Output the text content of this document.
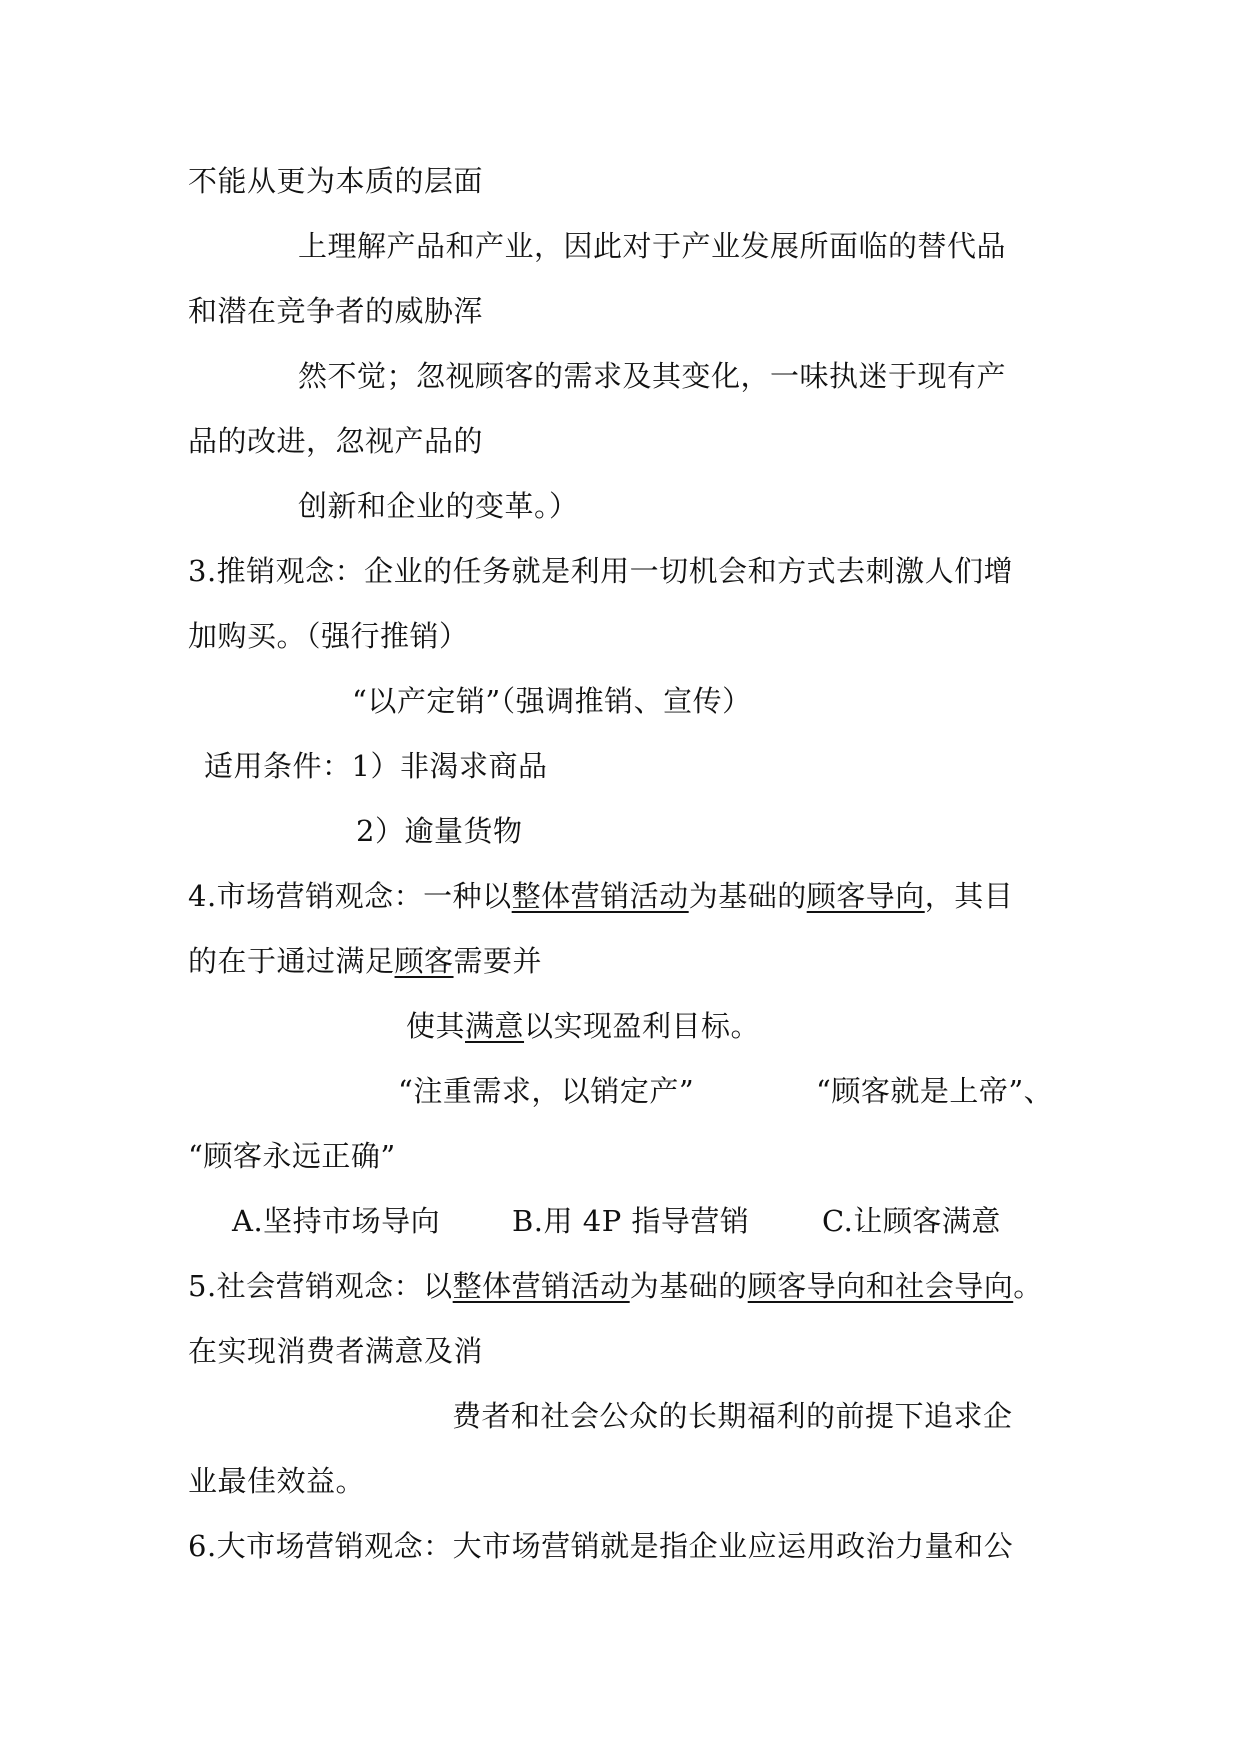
不能从更为本质的层面
上理解产品和产业，因此对于产业发展所面临的替代品
和潜在竞争者的威胁浑
然不觉；忽视顾客的需求及其变化，一味执迷于现有产
品的改进，忽视产品的
创新和企业的变革。）
3.推销观念：企业的任务就是利用一切机会和方式去刺激人们增
加购买。（强行推销）
“以产定销”（强调推销、宣传）
适用条件：1）非渴求商品
2）逾量货物
4.市场营销观念：一种以整体营销活动为基础的顾客导向，其目
的在于通过满足顾客需要并
使其满意以实现盈利目标。
“注重需求，以销定产”	“顾客就是上帝”、
“顾客永远正确”
A.坚持市场导向 B.用 4P 指导营销	C.让顾客满意
5.社会营销观念：以整体营销活动为基础的顾客导向和社会导向。
在实现消费者满意及消
费者和社会公众的长期福利的前提下追求企
业最佳效益。
6.大市场营销观念：大市场营销就是指企业应运用政治力量和公
